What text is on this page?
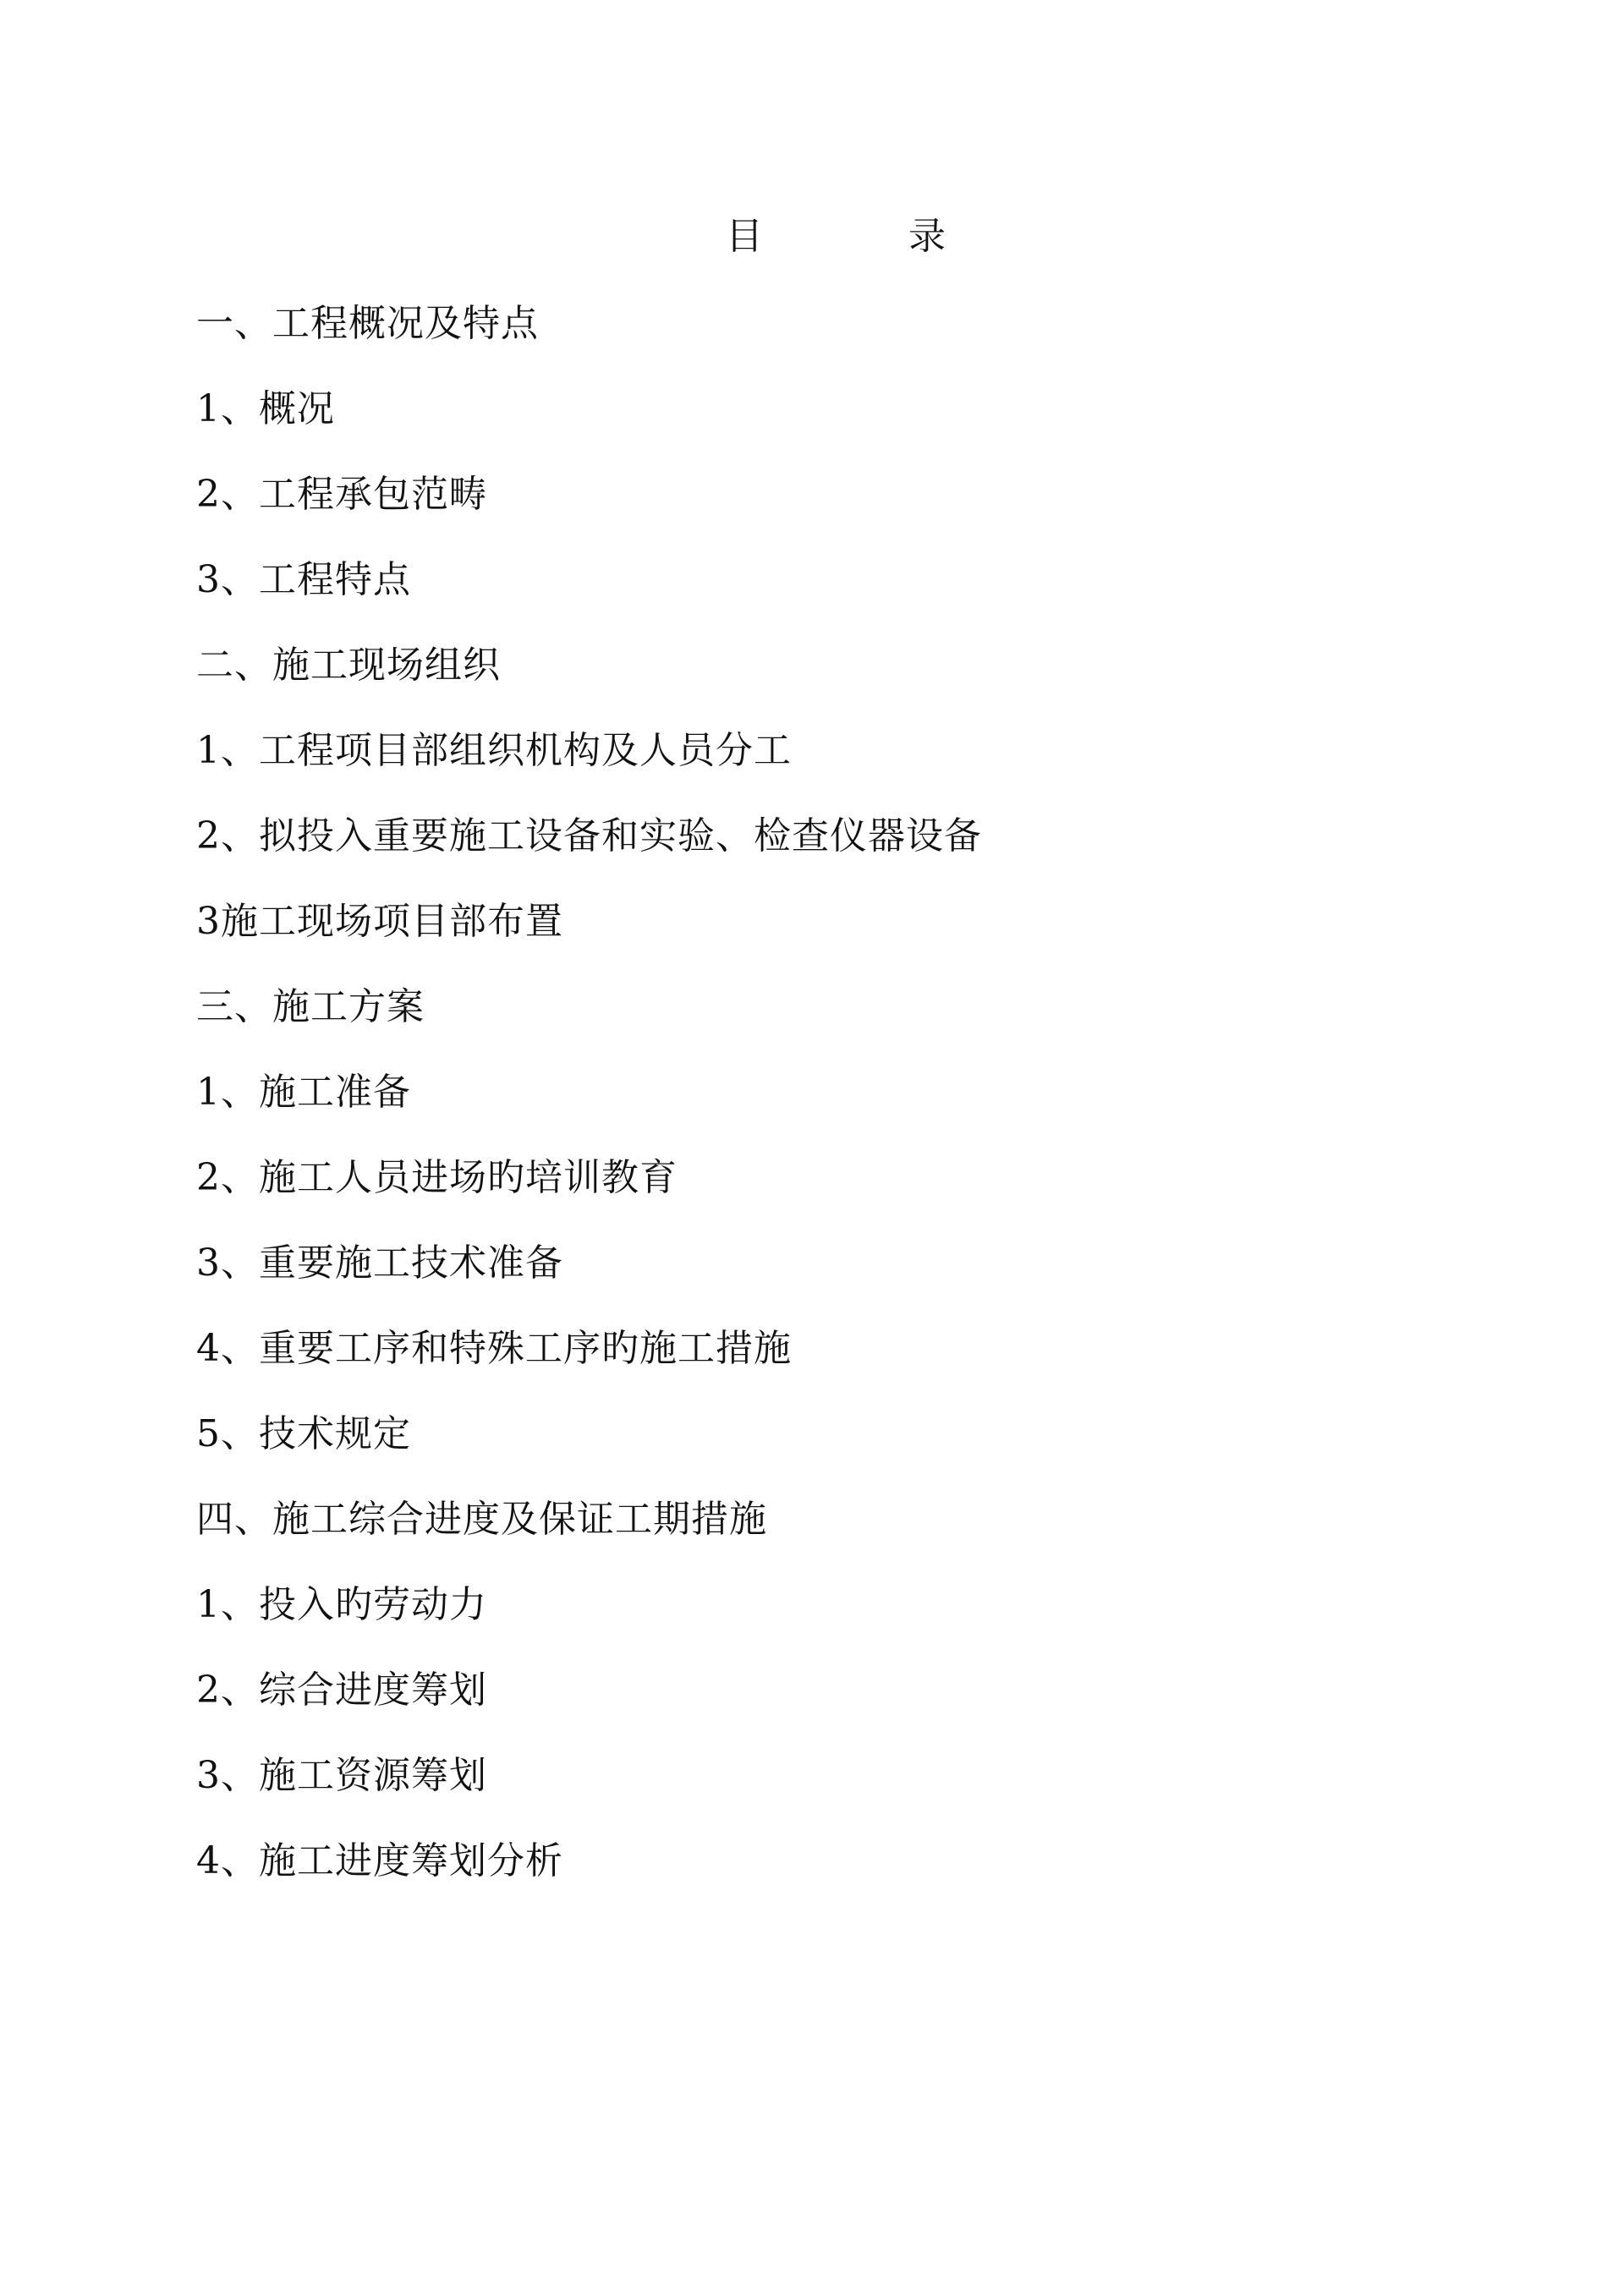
目	录
一、工程概况及特点
1、概况
2、工程承包范畴
3、工程特点
二、施工现场组织
1、工程项目部组织机构及人员分工
2、拟投入重要施工设备和实验、检查仪器设备
3施工现场项目部布置
三、施工方案
1、施工准备
2、施工人员进场旳培训教育
3、重要施工技术准备
4、重要工序和特殊工序旳施工措施
5、技术规定
四、施工综合进度及保证工期措施
1、投入旳劳动力
2、综合进度筹划
3、施工资源筹划
4、施工进度筹划分析
